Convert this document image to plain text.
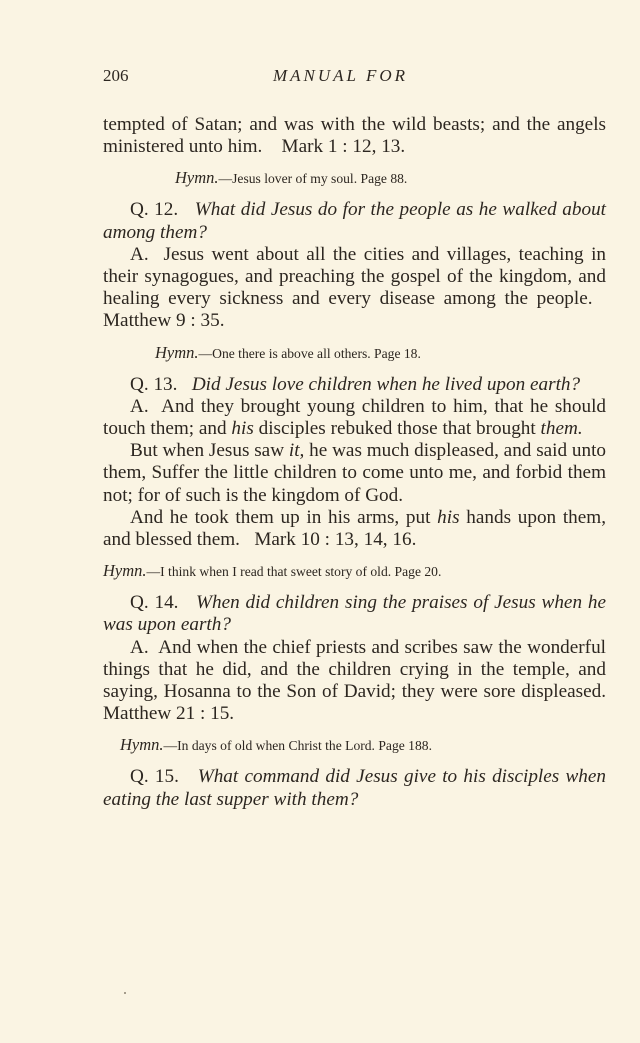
206	MANUAL FOR

tempted of Satan; and was with the wild beasts; and the angels ministered unto him. Mark 1 : 12, 13.

Hymn.—Jesus lover of my soul. Page 88.

Q. 12. What did Jesus do for the people as he walked about among them?

A. Jesus went about all the cities and villages, teaching in their synagogues, and preaching the gospel of the kingdom, and healing every sickness and every disease among the people.   Matthew 9 : 35.

Hymn.—One there is above all others. Page 18.

Q. 13. Did Jesus love children when he lived upon earth?

A. And they brought young children to him, that he should touch them; and his disciples rebuked those that brought them.

But when Jesus saw it, he was much displeased, and said unto them, Suffer the little children to come unto me, and forbid them not; for of such is the kingdom of God.

And he took them up in his arms, put his hands upon them, and blessed them. Mark 10 : 13, 14, 16.

Hymn.—I think when I read that sweet story of old. Page 20.

Q. 14. When did children sing the praises of Jesus when he was upon earth?

A. And when the chief priests and scribes saw the wonderful things that he did, and the children crying in the temple, and saying, Hosanna to the Son of David; they were sore displeased. Matthew 21 : 15.

Hymn.—In days of old when Christ the Lord. Page 188.

Q. 15. What command did Jesus give to his disciples when eating the last supper with them?
